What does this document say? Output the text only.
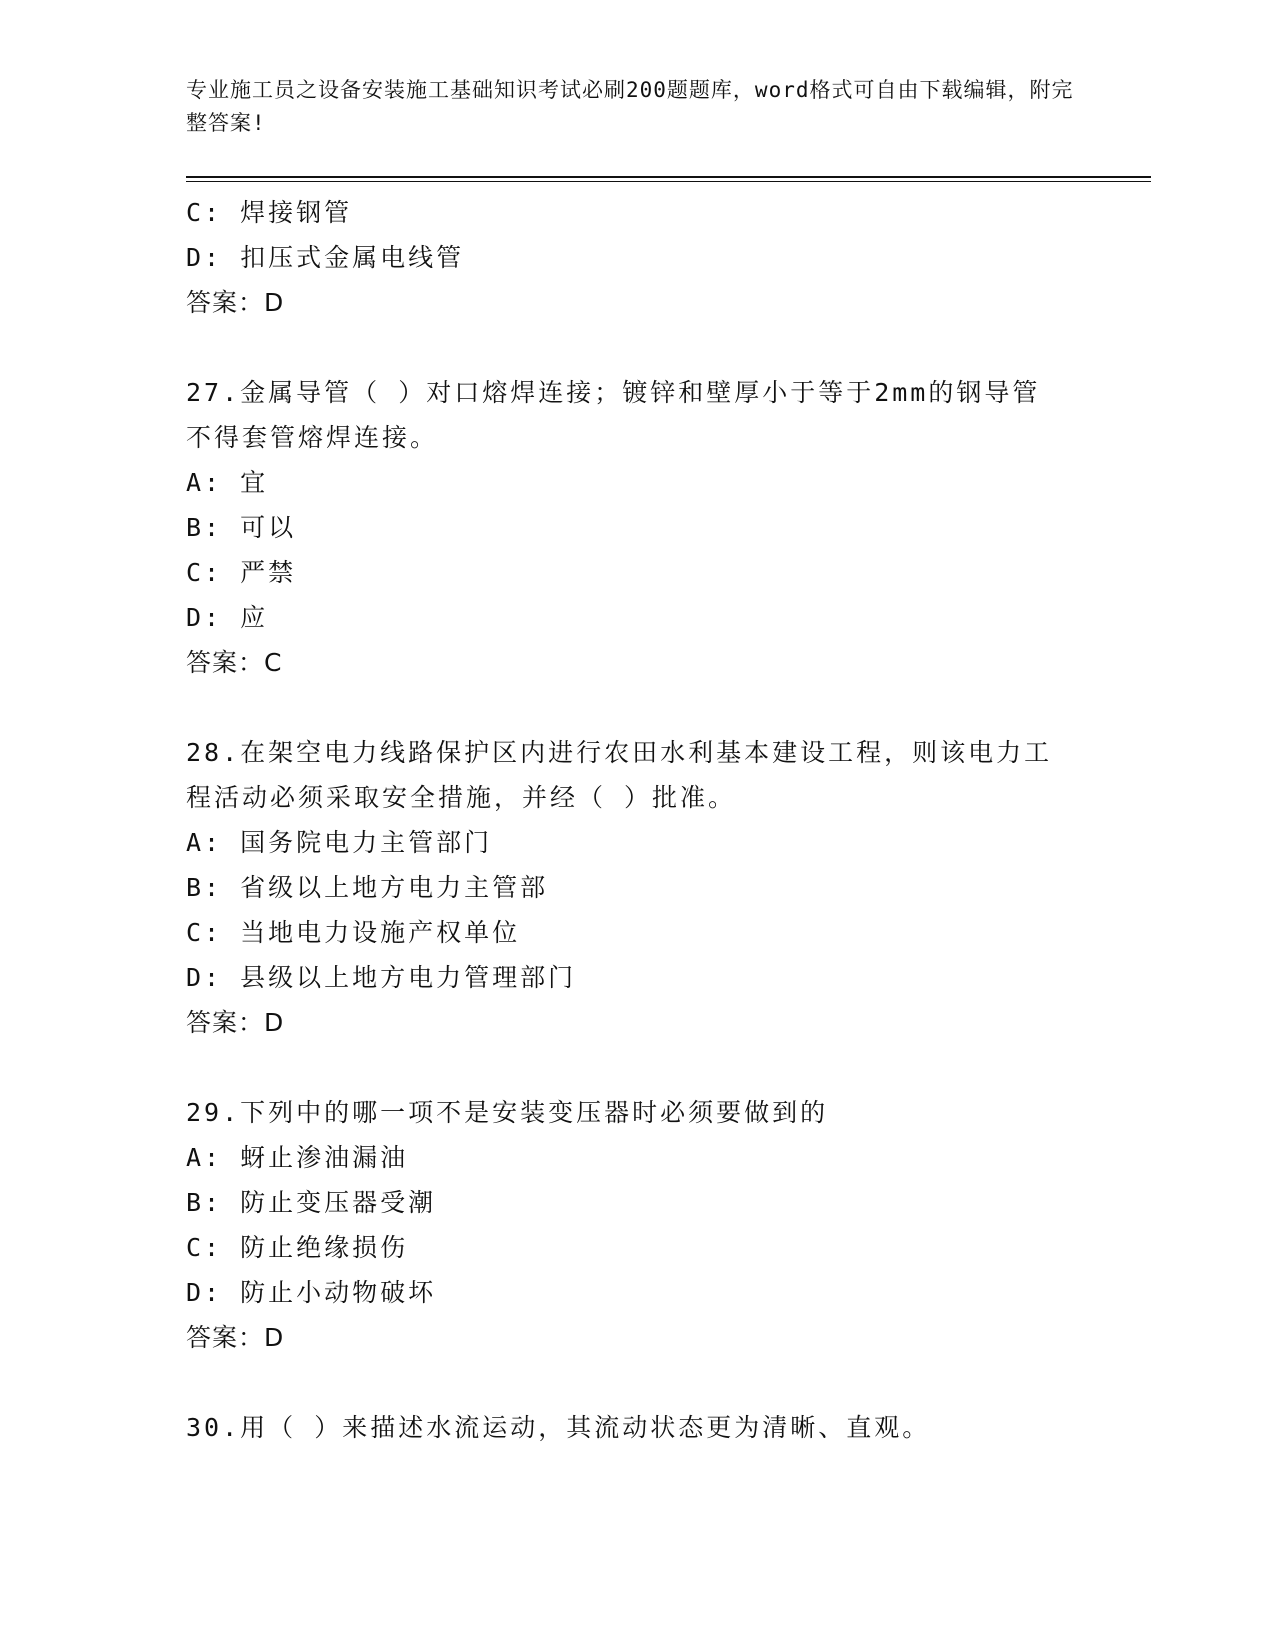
专业施工员之设备安装施工基础知识考试必刷200题题库，word格式可自由下载编辑，附完整答案!
C: 焊接钢管
D: 扣压式金属电线管
答案：D
27.金属导管（ ）对口熔焊连接；镀锌和壁厚小于等于2mm的钢导管
不得套管熔焊连接。
A: 宜
B: 可以
C: 严禁
D: 应
答案：C
28.在架空电力线路保护区内进行农田水利基本建设工程，则该电力工
程活动必须采取安全措施，并经（ ）批准。
A: 国务院电力主管部门
B: 省级以上地方电力主管部
C: 当地电力设施产权单位
D: 县级以上地方电力管理部门
答案：D
29.下列中的哪一项不是安装变压器时必须要做到的
A: 蚜止渗油漏油
B: 防止变压器受潮
C: 防止绝缘损伤
D: 防止小动物破坏
答案：D
30.用（ ）来描述水流运动，其流动状态更为清晰、直观。
